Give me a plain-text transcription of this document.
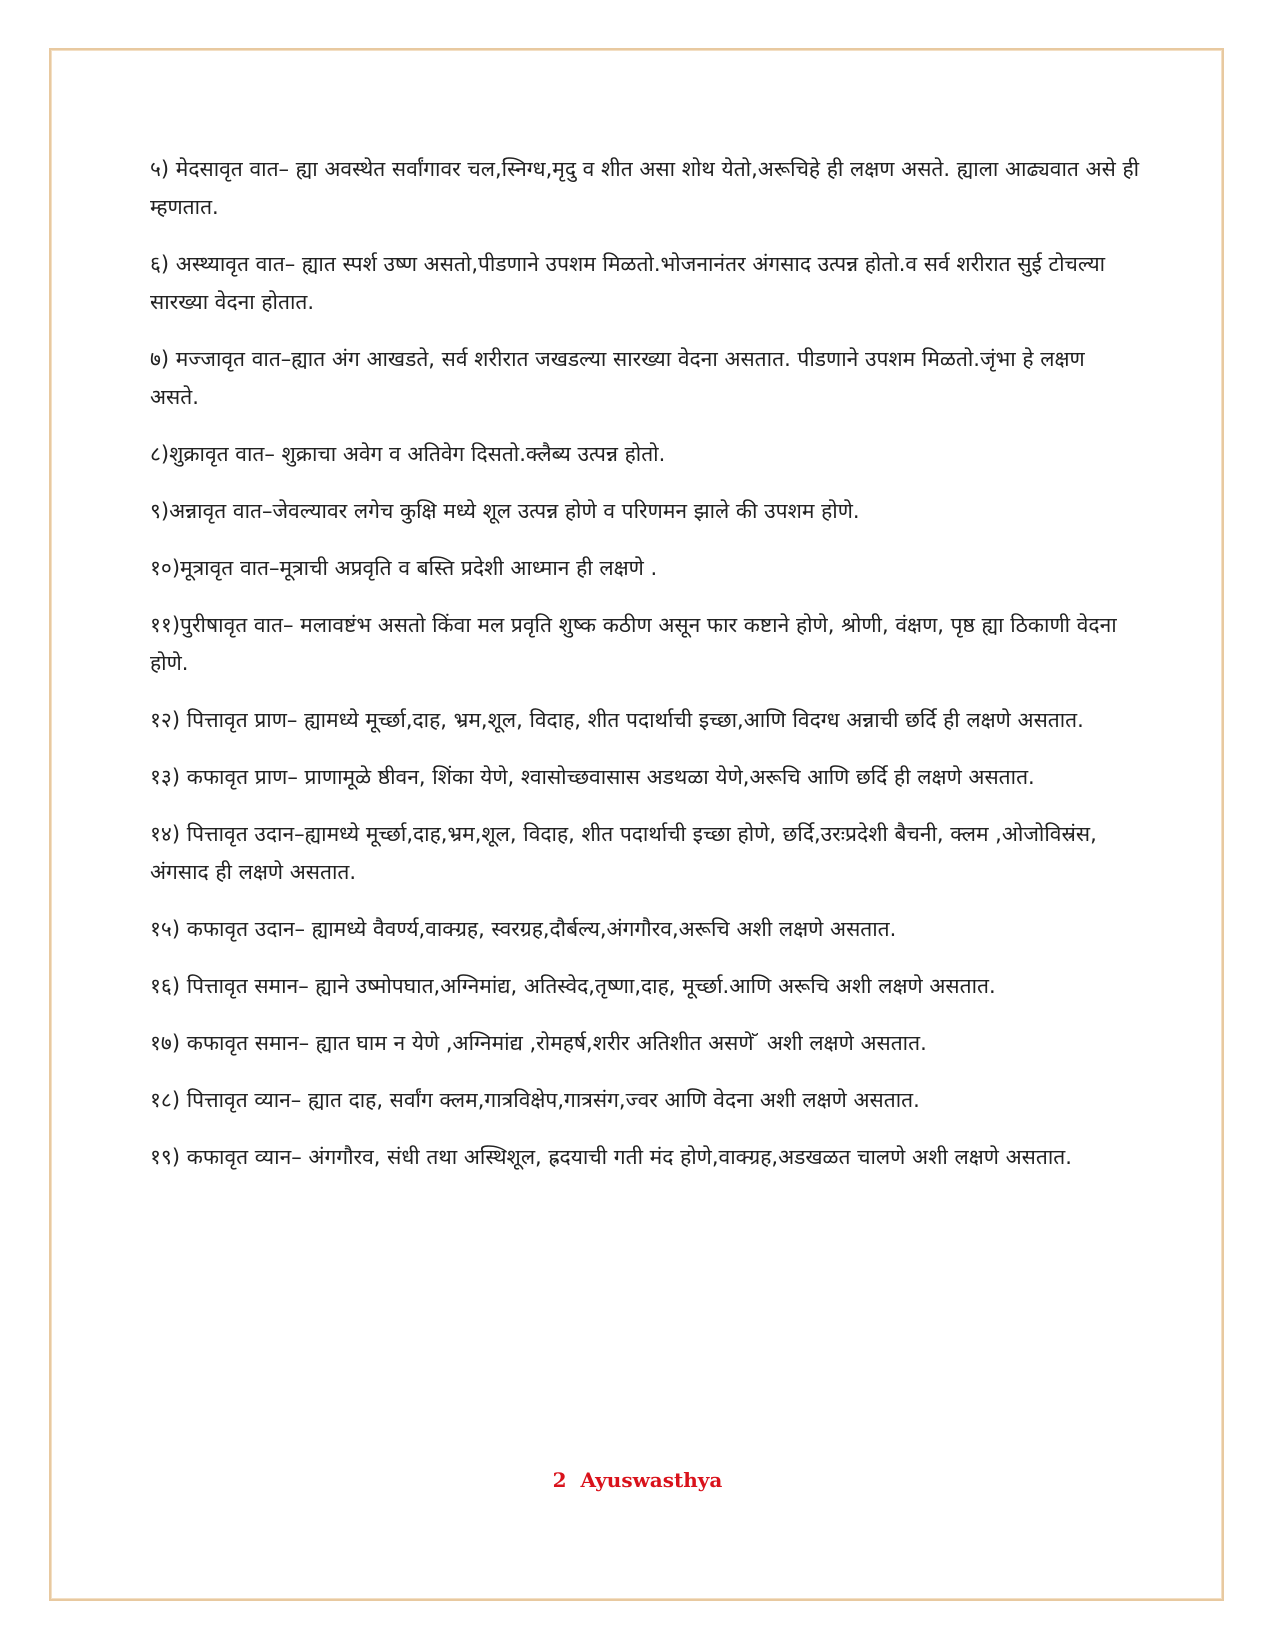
५) मेदसावृत वात– ह्या अवस्थेत सर्वांगावर चल,स्निग्ध,मृदु व शीत असा शोथ येतो,अरूचिहे ही लक्षण असते. ह्याला आढ्यवात असे ही म्हणतात.

६) अस्थ्यावृत वात– ह्यात स्पर्श उष्ण असतो,पीडणाने उपशम मिळतो.भोजनानंतर अंगसाद उत्पन्न होतो.व सर्व शरीरात सुई टोचल्या सारख्या वेदना होतात.

७) मज्जावृत वात–ह्यात अंग आखडते, सर्व शरीरात जखडल्या सारख्या वेदना असतात. पीडणाने उपशम मिळतो.जृंभा हे लक्षण असते.

८)शुक्रावृत वात– शुक्राचा अवेग व अतिवेग दिसतो.क्लैब्य उत्पन्न होतो.

९)अन्नावृत वात–जेवल्यावर लगेच कुक्षि मध्ये शूल उत्पन्न होणे व परिणमन झाले की उपशम होणे.

१०)मूत्रावृत वात–मूत्राची अप्रवृति व बस्ति प्रदेशी आध्मान ही लक्षणे .

११)पुरीषावृत वात– मलावष्टंभ असतो किंवा मल प्रवृति शुष्क कठीण असून फार कष्टाने होणे, श्रोणी, वंक्षण, पृष्ठ ह्या ठिकाणी वेदना होणे.

१२) पित्तावृत प्राण– ह्यामध्ये मूर्च्छा,दाह, भ्रम,शूल, विदाह, शीत पदार्थाची इच्छा,आणि विदग्ध अन्नाची छर्दि ही लक्षणे असतात.

१३) कफावृत प्राण– प्राणामूळे ष्ठीवन, शिंका येणे, श्वासोच्छवासास अडथळा येणे,अरूचि आणि छर्दि ही लक्षणे असतात.

१४) पित्तावृत उदान–ह्यामध्ये मूर्च्छा,दाह,भ्रम,शूल, विदाह, शीत पदार्थाची इच्छा होणे, छर्दि,उरःप्रदेशी बैचनी, क्लम ,ओजोविस्रंस, अंगसाद ही लक्षणे असतात.

१५) कफावृत उदान– ह्यामध्ये वैवर्ण्य,वाक्ग्रह, स्वरग्रह,दौर्बल्य,अंगगौरव,अरूचि अशी लक्षणे असतात.

१६) पित्तावृत समान– ह्याने उष्मोपघात,अग्निमांद्य, अतिस्वेद,तृष्णा,दाह, मूर्च्छा.आणि अरूचि अशी लक्षणे असतात.

१७) कफावृत समान– ह्यात घाम न येणे ,अग्निमांद्य ,रोमहर्ष,शरीर अतिशीत असणे ̆ अशी लक्षणे असतात.

१८) पित्तावृत व्यान– ह्यात दाह, सर्वांग क्लम,गात्रविक्षेप,गात्रसंग,ज्वर आणि वेदना अशी लक्षणे असतात.

१९) कफावृत व्यान– अंगगौरव, संधी तथा अस्थिशूल, ह्रदयाची गती मंद होणे,वाक्ग्रह,अडखळत चालणे अशी लक्षणे असतात.

2 Ayuswasthya
